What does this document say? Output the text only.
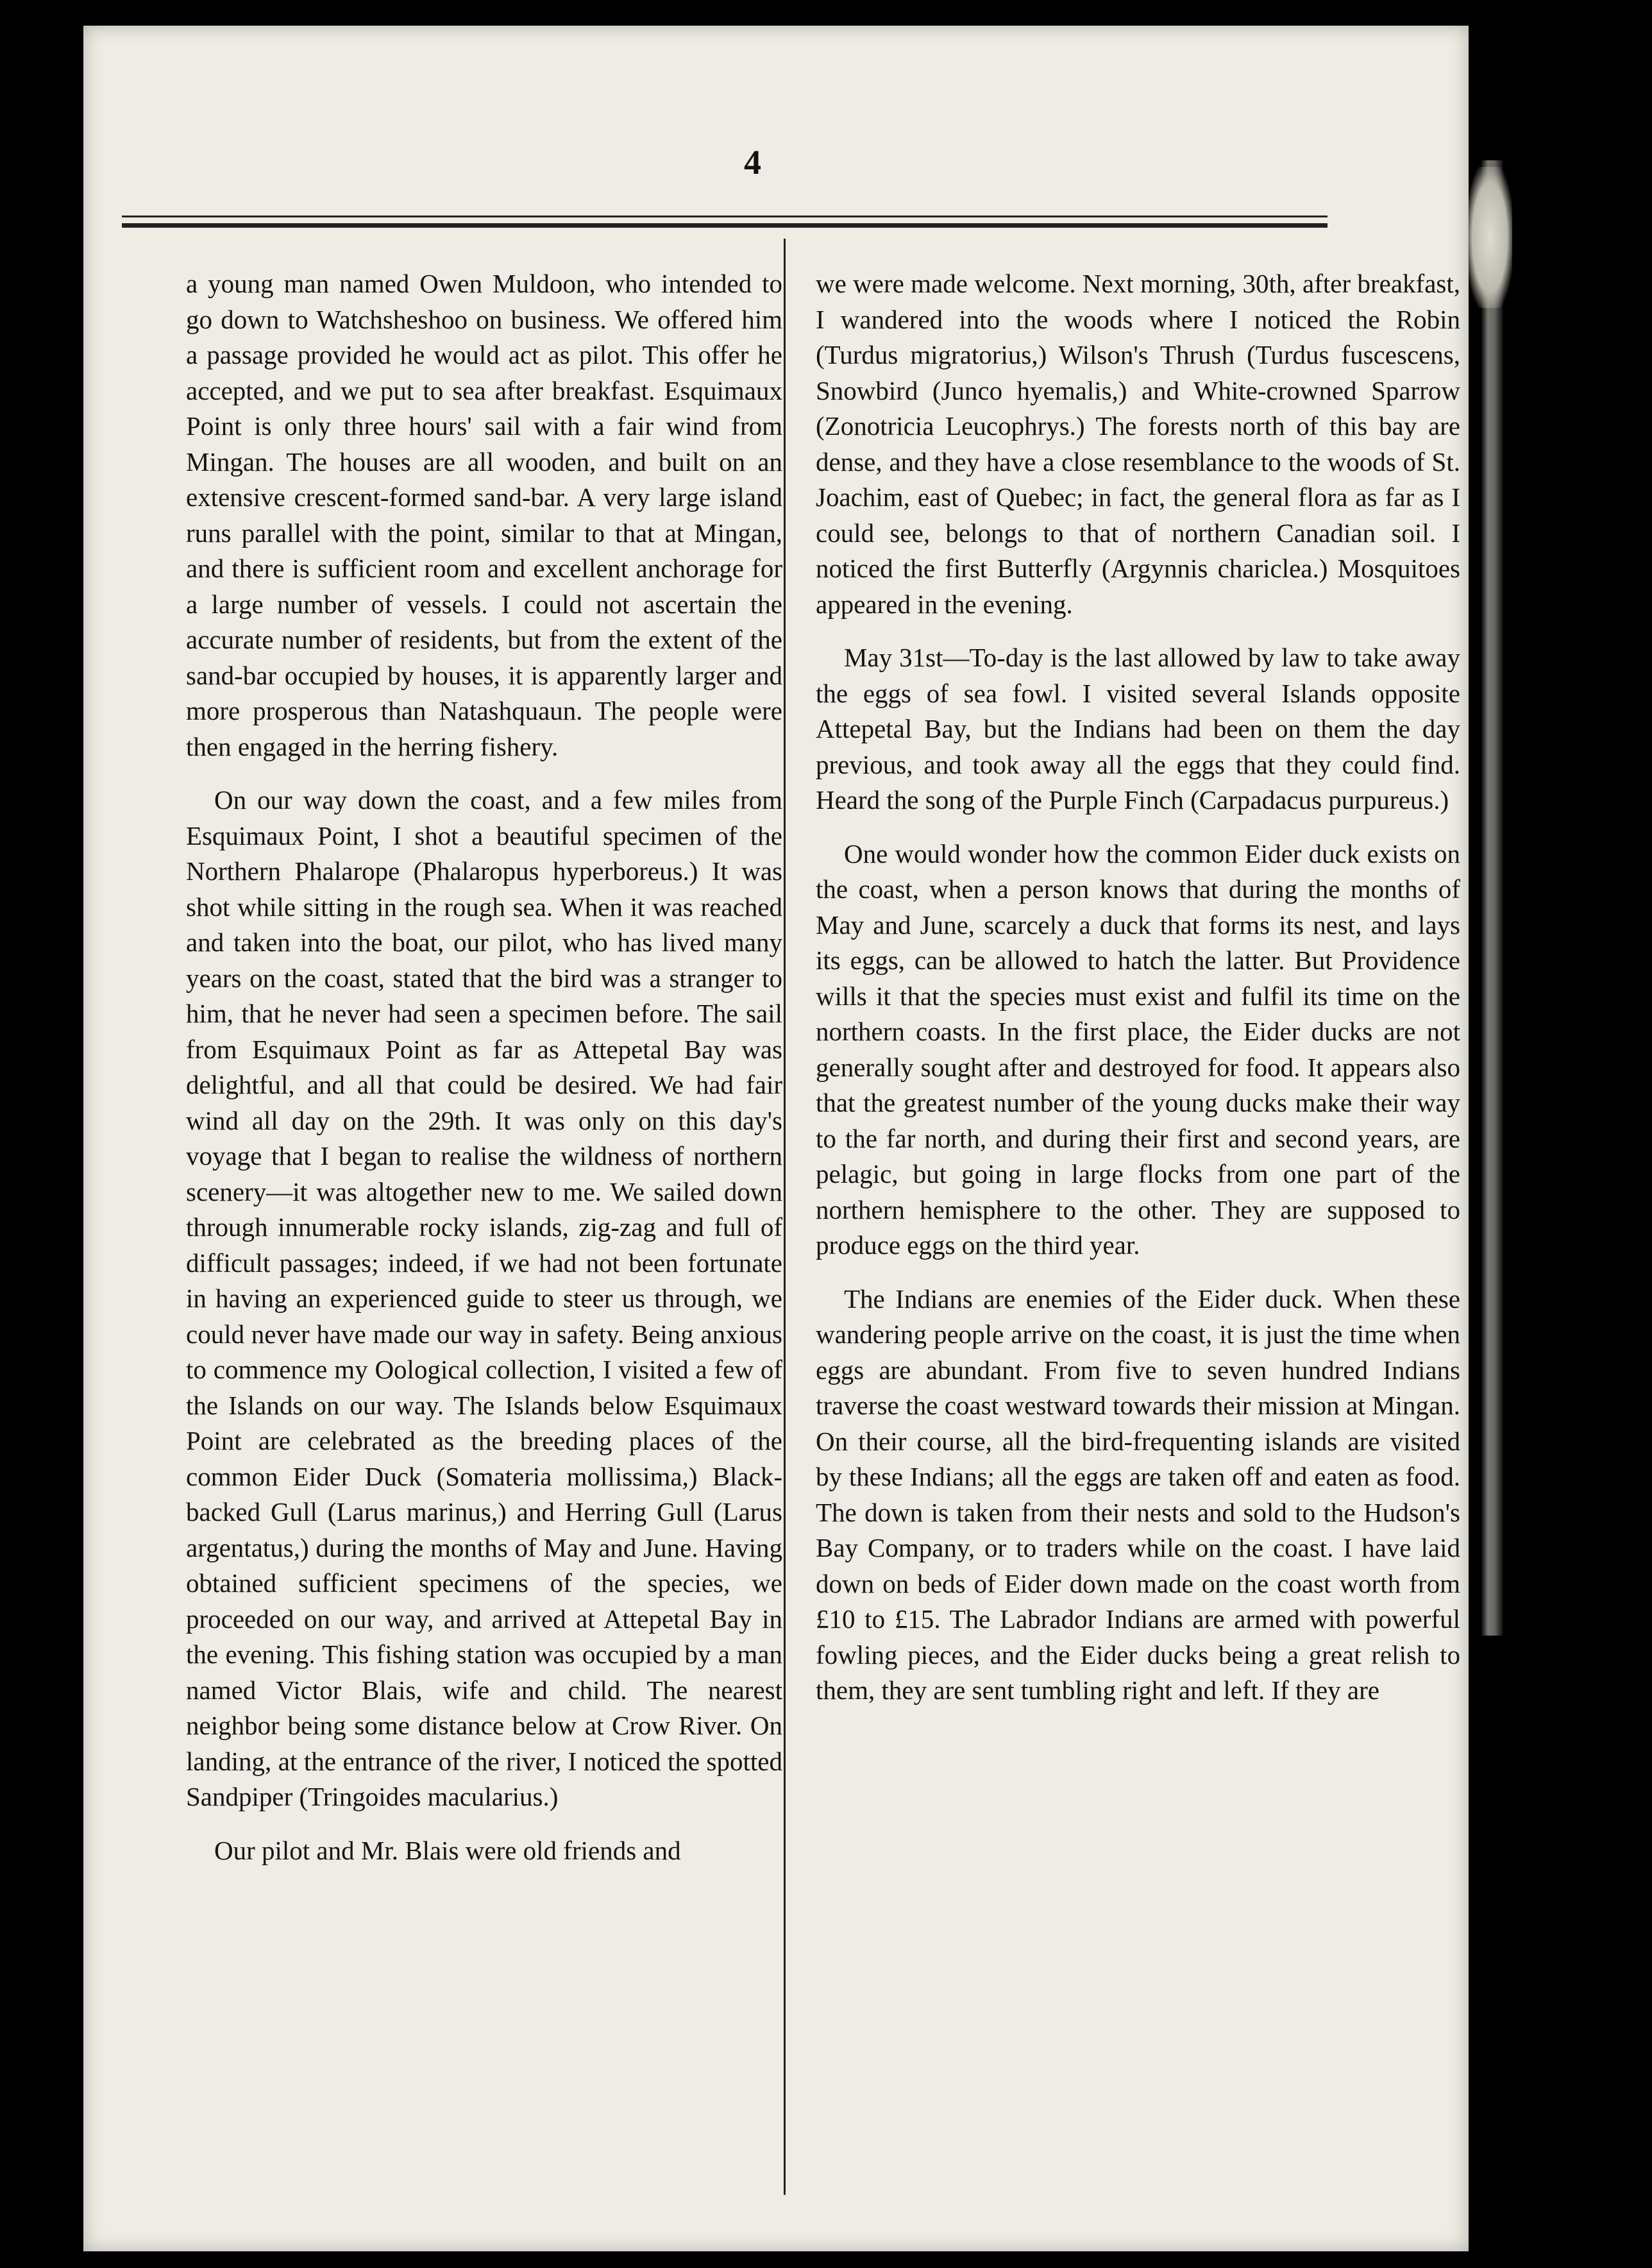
4

a young man named Owen Muldoon, who intended to go down to Watchsheshoo on business. We offered him a passage provided he would act as pilot. This offer he accepted, and we put to sea after breakfast. Esquimaux Point is only three hours' sail with a fair wind from Mingan. The houses are all wooden, and built on an extensive crescent-formed sand-bar. A very large island runs parallel with the point, similar to that at Mingan, and there is sufficient room and excellent anchorage for a large number of vessels. I could not ascertain the accurate number of residents, but from the extent of the sand-bar occupied by houses, it is apparently larger and more prosperous than Natashquaun. The people were then engaged in the herring fishery.

On our way down the coast, and a few miles from Esquimaux Point, I shot a beautiful specimen of the Northern Phalarope (Phalaropus hyperboreus.) It was shot while sitting in the rough sea. When it was reached and taken into the boat, our pilot, who has lived many years on the coast, stated that the bird was a stranger to him, that he never had seen a specimen before. The sail from Esquimaux Point as far as Attepetal Bay was delightful, and all that could be desired. We had fair wind all day on the 29th. It was only on this day's voyage that I began to realise the wildness of northern scenery—it was altogether new to me. We sailed down through innumerable rocky islands, zig-zag and full of difficult passages; indeed, if we had not been fortunate in having an experienced guide to steer us through, we could never have made our way in safety. Being anxious to commence my Oological collection, I visited a few of the Islands on our way. The Islands below Esquimaux Point are celebrated as the breeding places of the common Eider Duck (Somateria mollissima,) Black-backed Gull (Larus marinus,) and Herring Gull (Larus argentatus,) during the months of May and June. Having obtained sufficient specimens of the species, we proceeded on our way, and arrived at Attepetal Bay in the evening. This fishing station was occupied by a man named Victor Blais, wife and child. The nearest neighbor being some distance below at Crow River. On landing, at the entrance of the river, I noticed the spotted Sandpiper (Tringoides macularius.)

Our pilot and Mr. Blais were old friends and

we were made welcome. Next morning, 30th, after breakfast, I wandered into the woods where I noticed the Robin (Turdus migratorius,) Wilson's Thrush (Turdus fuscescens, Snowbird (Junco hyemalis,) and White-crowned Sparrow (Zonotricia Leucophrys.) The forests north of this bay are dense, and they have a close resemblance to the woods of St. Joachim, east of Quebec; in fact, the general flora as far as I could see, belongs to that of northern Canadian soil. I noticed the first Butterfly (Argynnis chariclea.) Mosquitoes appeared in the evening.

May 31st—To-day is the last allowed by law to take away the eggs of sea fowl. I visited several Islands opposite Attepetal Bay, but the Indians had been on them the day previous, and took away all the eggs that they could find. Heard the song of the Purple Finch (Carpadacus purpureus.)

One would wonder how the common Eider duck exists on the coast, when a person knows that during the months of May and June, scarcely a duck that forms its nest, and lays its eggs, can be allowed to hatch the latter. But Providence wills it that the species must exist and fulfil its time on the northern coasts. In the first place, the Eider ducks are not generally sought after and destroyed for food. It appears also that the greatest number of the young ducks make their way to the far north, and during their first and second years, are pelagic, but going in large flocks from one part of the northern hemisphere to the other. They are supposed to produce eggs on the third year.

The Indians are enemies of the Eider duck. When these wandering people arrive on the coast, it is just the time when eggs are abundant. From five to seven hundred Indians traverse the coast westward towards their mission at Mingan. On their course, all the bird-frequenting islands are visited by these Indians; all the eggs are taken off and eaten as food. The down is taken from their nests and sold to the Hudson's Bay Company, or to traders while on the coast. I have laid down on beds of Eider down made on the coast worth from £10 to £15. The Labrador Indians are armed with powerful fowling pieces, and the Eider ducks being a great relish to them, they are sent tumbling right and left. If they are
